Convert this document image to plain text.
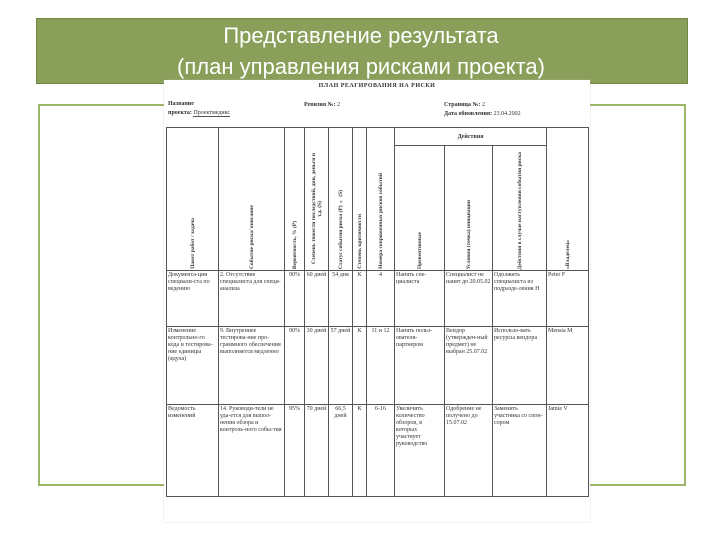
Представление результата
(план управления рисками проекта)
ПЛАН РЕАГИРОВАНИЯ НА РИСКИ
Название
проекта: Проектмедикс
Ревизия №: 2	Страница №: 2
Дата обновления: 23.04.2002
Пакет работ / задача	Событие риска/ описание	Вероятность, % (Р)	Степень тяжести последствий, дни, деньги и т.д. (S)	Статус события риска (Р) × (S)	Степень критичности	Номера сопряженных рисков событий	Действия			«Владелец»

							Превентивные	Условия (точка) инициации	Действия в случае наступления события риска	

Документа-ция специали-ста по ведению	2. Отсутствие специалиста для специ-анализа	90%	60 дней	54 дня	К	4	Нанять спе-циалиста	Специалист не нанят до 20.05.02	Одолжить специалиста из подразде-ления Н	Peter F
Изменение контрольно-го кода и тестирова-ние единицы (ядула)	9. Внутреннее тестирова-ние про-граммного обеспечения выполняется медленно	90%	30 дней	57 дней	К	11 и 12	Нанять польз-ователя-партнером	Вендор (утвержден-ный предмет) не выбран 25.07.02	Использо-вать ресурсы вендора	Mensta M
Ведомость изменений	14. Руководи-тели не уда-ется для выпол-нения обзора и контроль-ного собы-тия	95%	70 дней	66,5 дней	К	6-16	Увеличить количество обзоров, в которых участвует руководство	Одобрение не получено до 15.07.02	Заменить участника со спон-сором	Jamie V
